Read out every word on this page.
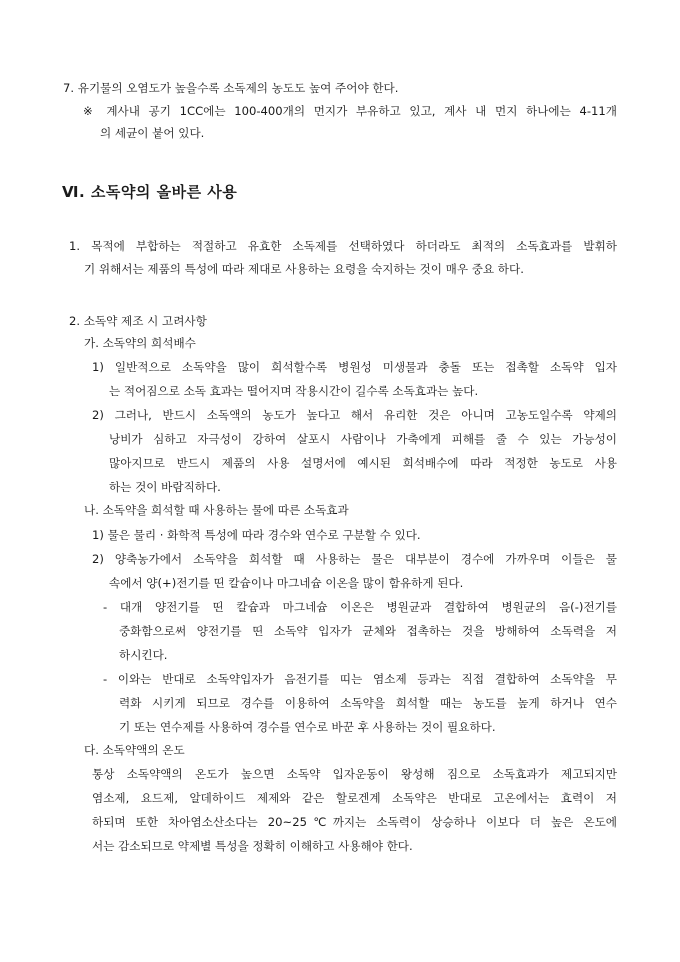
7. 유기물의 오염도가 높을수록 소독제의 농도도 높여 주어야 한다.
※ 계사내 공기 1CC에는 100-400개의 먼지가 부유하고 있고, 계사 내 먼지 하나에는 4-11개
의 세균이 붙어 있다.
Ⅵ. 소독약의 올바른 사용
1. 목적에 부합하는 적절하고 유효한 소독제를 선택하였다 하더라도 최적의 소독효과를 발휘하
기 위해서는 제품의 특성에 따라 제대로 사용하는 요령을 숙지하는 것이 매우 중요 하다.
2. 소독약 제조 시 고려사항
가. 소독약의 희석배수
1) 일반적으로 소독약을 많이 희석할수록 병원성 미생물과 충돌 또는 접촉할 소독약 입자
는 적어짐으로 소독 효과는 떨어지며 작용시간이 길수록 소독효과는 높다.
2) 그러나, 반드시 소독액의 농도가 높다고 해서 유리한 것은 아니며 고농도일수록 약제의
낭비가 심하고 자극성이 강하여 살포시 사람이나 가축에게 피해를 줄 수 있는 가능성이
많아지므로 반드시 제품의 사용 설명서에 예시된 희석배수에 따라 적정한 농도로 사용
하는 것이 바람직하다.
나. 소독약을 희석할 때 사용하는 물에 따른 소독효과
1) 물은 물리 · 화학적 특성에 따라 경수와 연수로 구분할 수 있다.
2) 양축농가에서 소독약을 희석할 때 사용하는 물은 대부분이 경수에 가까우며 이들은 물
속에서 양(+)전기를 띤 칼슘이나 마그네슘 이온을 많이 함유하게 된다.
- 대개 양전기를 띤 칼슘과 마그네슘 이온은 병원균과 결합하여 병원균의 음(-)전기를
중화함으로써 양전기를 띤 소독약 입자가 균체와 접촉하는 것을 방해하여 소독력을 저
하시킨다.
- 이와는 반대로 소독약입자가 음전기를 띠는 염소제 등과는 직접 결합하여 소독약을 무
력화 시키게 되므로 경수를 이용하여 소독약을 희석할 때는 농도를 높게 하거나 연수
기 또는 연수제를 사용하여 경수를 연수로 바꾼 후 사용하는 것이 필요하다.
다. 소독약액의 온도
통상 소독약액의 온도가 높으면 소독약 입자운동이 왕성해 짐으로 소독효과가 제고되지만
염소제, 요드제, 알데하이드 제제와 같은 할로겐계 소독약은 반대로 고온에서는 효력이 저
하되며 또한 차아염소산소다는 20~25℃까지는 소독력이 상승하나 이보다 더 높은 온도에
서는 감소되므로 약제별 특성을 정확히 이해하고 사용해야 한다.
